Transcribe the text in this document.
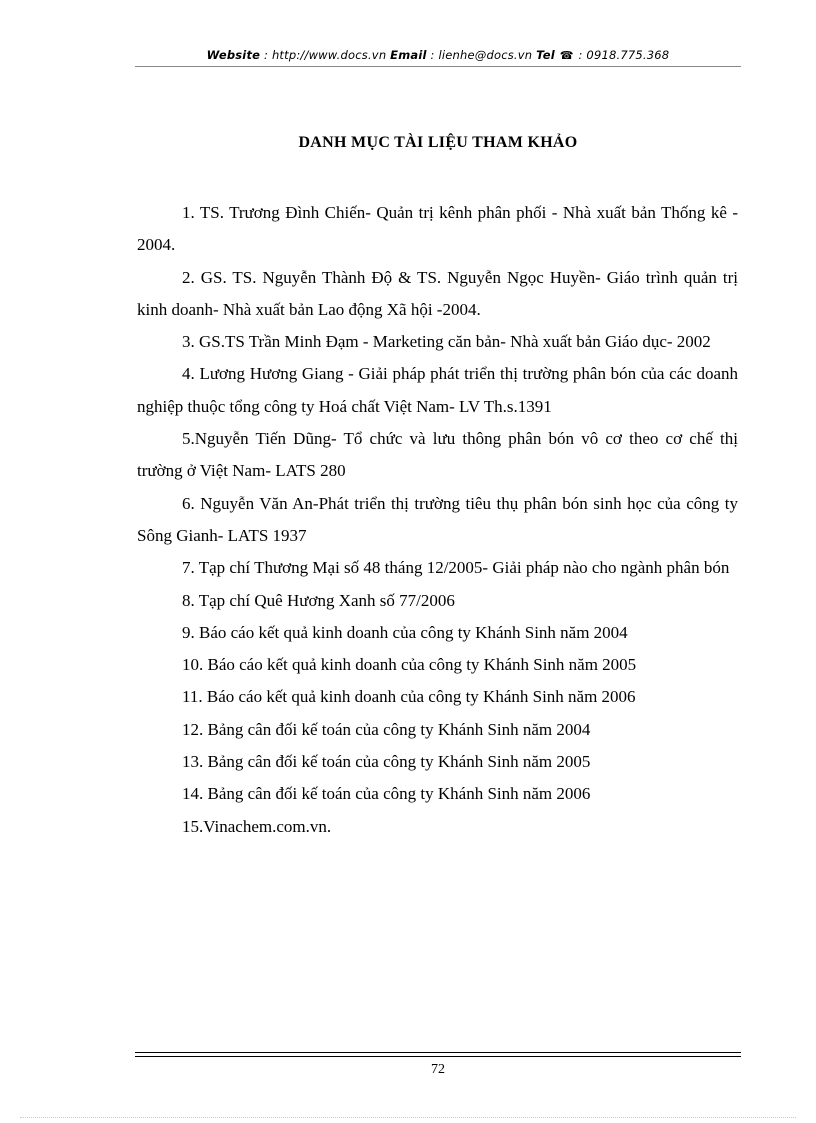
Website : http://www.docs.vn Email : lienhe@docs.vn Tel ☎ : 0918.775.368
DANH MỤC TÀI LIỆU THAM KHẢO
1. TS. Trương Đình Chiến- Quản trị kênh phân phối - Nhà xuất bản Thống kê - 2004.
2. GS. TS. Nguyễn Thành Độ & TS. Nguyễn Ngọc Huyền- Giáo trình quản trị kinh doanh- Nhà xuất bản Lao động Xã hội -2004.
3. GS.TS Trần Minh Đạm - Marketing căn bản- Nhà xuất bản Giáo dục- 2002
4. Lương Hương Giang - Giải pháp phát triển thị trường phân bón của các doanh nghiệp thuộc tổng công ty Hoá chất Việt Nam- LV Th.s.1391
5.Nguyễn Tiến Dũng- Tổ chức và lưu thông phân bón vô cơ theo cơ chế thị trường ở Việt Nam- LATS 280
6. Nguyễn Văn An-Phát triển thị trường tiêu thụ phân bón sinh học của công ty Sông Gianh- LATS 1937
7. Tạp chí Thương Mại số 48 tháng 12/2005- Giải pháp nào cho ngành phân bón
8. Tạp chí Quê Hương Xanh số 77/2006
9. Báo cáo kết quả kinh doanh của công ty Khánh Sinh năm 2004
10. Báo cáo kết quả kinh doanh của công ty Khánh Sinh năm 2005
11. Báo cáo kết quả kinh doanh của công ty Khánh Sinh năm 2006
12. Bảng cân đối kế toán của công ty Khánh Sinh năm 2004
13. Bảng cân đối kế toán của công ty Khánh Sinh năm 2005
14. Bảng cân đối kế toán của công ty Khánh Sinh năm 2006
15.Vinachem.com.vn.
72
